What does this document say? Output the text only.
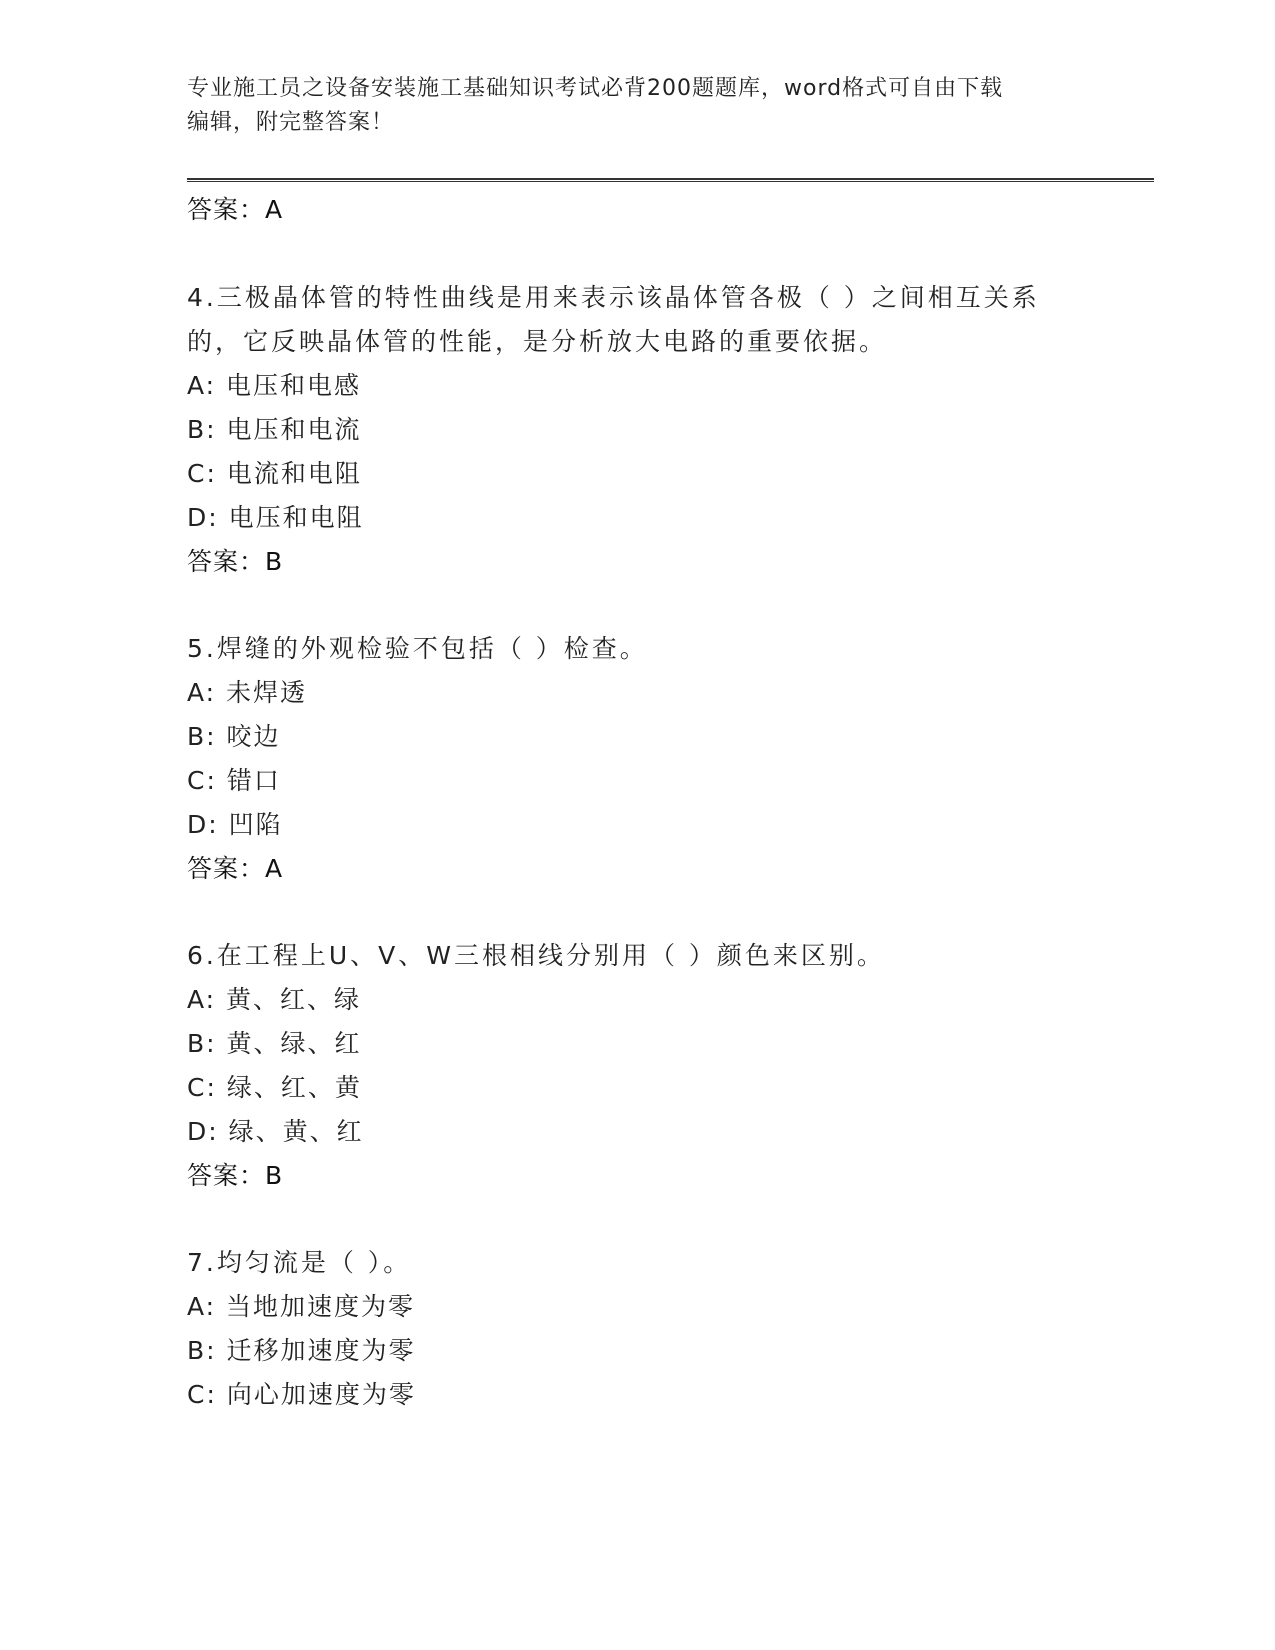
专业施工员之设备安装施工基础知识考试必背200题题库，word格式可自由下载
编辑，附完整答案！
答案：A
4.三极晶体管的特性曲线是用来表示该晶体管各极（ ）之间相互关系
的，它反映晶体管的性能，是分析放大电路的重要依据。
A: 电压和电感
B: 电压和电流
C: 电流和电阻
D: 电压和电阻
答案：B
5.焊缝的外观检验不包括（ ）检查。
A: 未焊透
B: 咬边
C: 错口
D: 凹陷
答案：A
6.在工程上U、V、W三根相线分别用（ ）颜色来区别。
A: 黄、红、绿
B: 黄、绿、红
C: 绿、红、黄
D: 绿、黄、红
答案：B
7.均匀流是（ ）。
A: 当地加速度为零
B: 迁移加速度为零
C: 向心加速度为零
